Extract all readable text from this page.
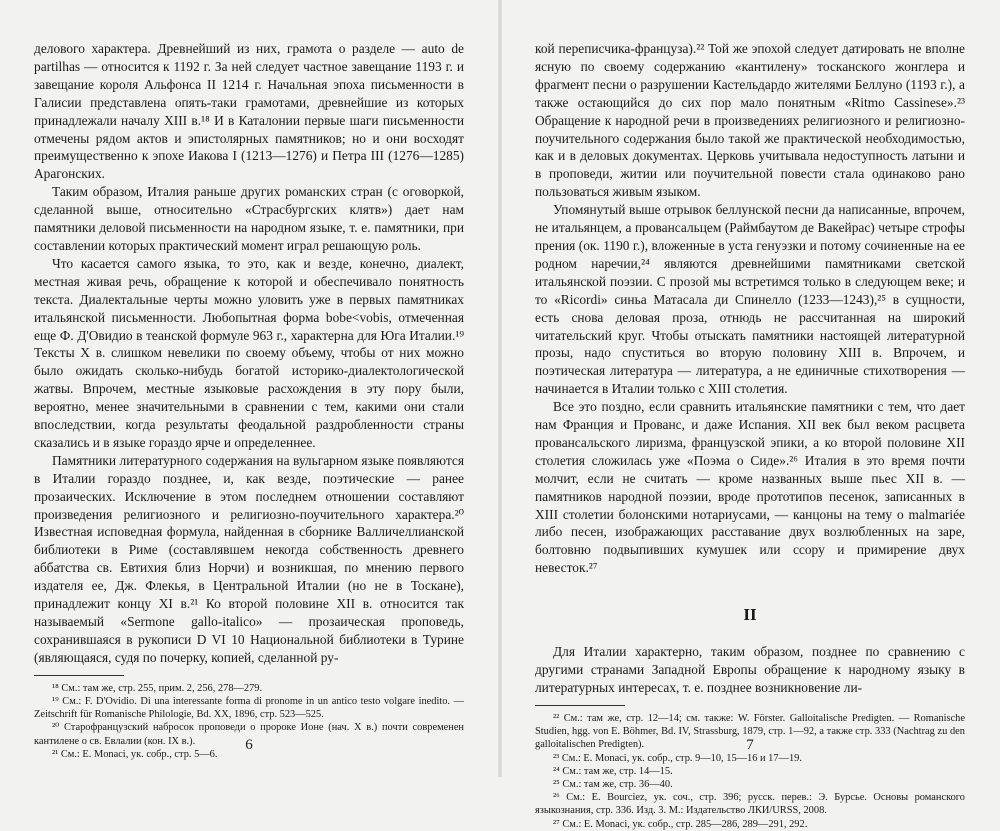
делового характера. Древнейший из них, грамота о разделе — auto de partilhas — относится к 1192 г. За ней следует частное завещание 1193 г. и завещание короля Альфонса II 1214 г. Начальная эпоха письменности в Галисии представлена опять-таки грамотами, древнейшие из которых принадлежали началу XIII в.¹⁸ И в Каталонии первые шаги письменности отмечены рядом актов и эпистолярных памятников; но и они восходят преимущественно к эпохе Иакова I (1213—1276) и Петра III (1276—1285) Арагонских.

Таким образом, Италия раньше других романских стран (с оговоркой, сделанной выше, относительно «Страсбургских клятв») дает нам памятники деловой письменности на народном языке, т. е. памятники, при составлении которых практический момент играл решающую роль.

Что касается самого языка, то это, как и везде, конечно, диалект, местная живая речь, обращение к которой и обеспечивало понятность текста. Диалектальные черты можно уловить уже в первых памятниках итальянской письменности. Любопытная форма bobe<vobis, отмеченная еще Ф. Д'Овидио в теанской формуле 963 г., характерна для Юга Италии.¹⁹ Тексты X в. слишком невелики по своему объему, чтобы от них можно было ожидать сколько-нибудь богатой историко-диалектологической жатвы. Впрочем, местные языковые расхождения в эту пору были, вероятно, менее значительными в сравнении с тем, какими они стали впоследствии, когда результаты феодальной раздробленности страны сказались и в языке гораздо ярче и определеннее.

Памятники литературного содержания на вульгарном языке появляются в Италии гораздо позднее, и, как везде, поэтические — ранее прозаических. Исключение в этом последнем отношении составляют произведения религиозного и религиозно-поучительного характера.²⁰ Известная исповедная формула, найденная в сборнике Валличеллианской библиотеки в Риме (составлявшем некогда собственность древнего аббатства св. Евтихия близ Норчи) и возникшая, по мнению первого издателя ее, Дж. Флекья, в Центральной Италии (но не в Тоскане), принадлежит концу XI в.²¹ Ко второй половине XII в. относится так называемый «Sermone gallo-italico» — прозаическая проповедь, сохранившаяся в рукописи D VI 10 Национальной библиотеки в Турине (являющаяся, судя по почерку, копией, сделанной ру-

¹⁸ См.: там же, стр. 255, прим. 2, 256, 278—279.

¹⁹ См.: F. D'Ovidio. Di una interessante forma di pronome in un antico testo volgare inedito. — Zeitschrift für Romanische Philologie, Bd. XX, 1896, стр. 523—525.

²⁰ Старофранцузский набросок проповеди о пророке Ионе (нач. X в.) почти современен кантилене о св. Евлалии (кон. IX в.).

²¹ См.: E. Monaci, ук. собр., стр. 5—6.

6

кой переписчика-француза).²² Той же эпохой следует датировать не вполне ясную по своему содержанию «кантилену» тосканского жонглера и фрагмент песни о разрушении Кастельдардо жителями Беллуно (1193 г.), а также остающийся до сих пор мало понятным «Ritmo Cassinese».²³ Обращение к народной речи в произведениях религиозного и религиозно-поучительного содержания было такой же практической необходимостью, как и в деловых документах. Церковь учитывала недоступность латыни и в проповеди, житии или поучительной повести стала одинаково рано пользоваться живым языком.

Упомянутый выше отрывок беллунской песни да написанные, впрочем, не итальянцем, а провансальцем (Раймбаутом де Вакейрас) четыре строфы прения (ок. 1190 г.), вложенные в уста генуэзки и потому сочиненные на ее родном наречии,²⁴ являются древнейшими памятниками светской итальянской поэзии. С прозой мы встретимся только в следующем веке; и то «Ricordi» синьа Матасала ди Спинелло (1233—1243),²⁵ в сущности, есть снова деловая проза, отнюдь не рассчитанная на широкий читательский круг. Чтобы отыскать памятники настоящей литературной прозы, надо спуститься во вторую половину XIII в. Впрочем, и поэтическая литература — литература, а не единичные стихотворения — начинается в Италии только с XIII столетия.

Все это поздно, если сравнить итальянские памятники с тем, что дает нам Франция и Прованс, и даже Испания. XII век был веком расцвета провансальского лиризма, французской эпики, а ко второй половине XII столетия сложилась уже «Поэма о Сиде».²⁶ Италия в это время почти молчит, если не считать — кроме названных выше пьес XII в. — памятников народной поэзии, вроде прототипов песенок, записанных в XIII столетии болонскими нотариусами, — канцоны на тему о malmariée либо песен, изображающих расставание двух возлюбленных на заре, болтовню подвыпивших кумушек или ссору и примирение двух невесток.²⁷

II

Для Италии характерно, таким образом, позднее по сравнению с другими странами Западной Европы обращение к народному языку в литературных интересах, т. е. позднее возникновение ли-

²² См.: там же, стр. 12—14; см. также: W. Förster. Galloitalische Predigten. — Romanische Studien, hgg. von E. Böhmer, Bd. IV, Strassburg, 1879, стр. 1—92, а также стр. 333 (Nachtrag zu den galloitalischen Predigten).

²³ См.: E. Monaci, ук. собр., стр. 9—10, 15—16 и 17—19.

²⁴ См.: там же, стр. 14—15.

²⁵ См.: там же, стр. 36—40.

²⁶ См.: E. Bourciez, ук. соч., стр. 396; русск. перев.: Э. Бурсье. Основы романского языкознания, стр. 336. Изд. 3. М.: Издательство ЛКИ/URSS, 2008.

²⁷ См.: E. Monaci, ук. собр., стр. 285—286, 289—291, 292.

7
